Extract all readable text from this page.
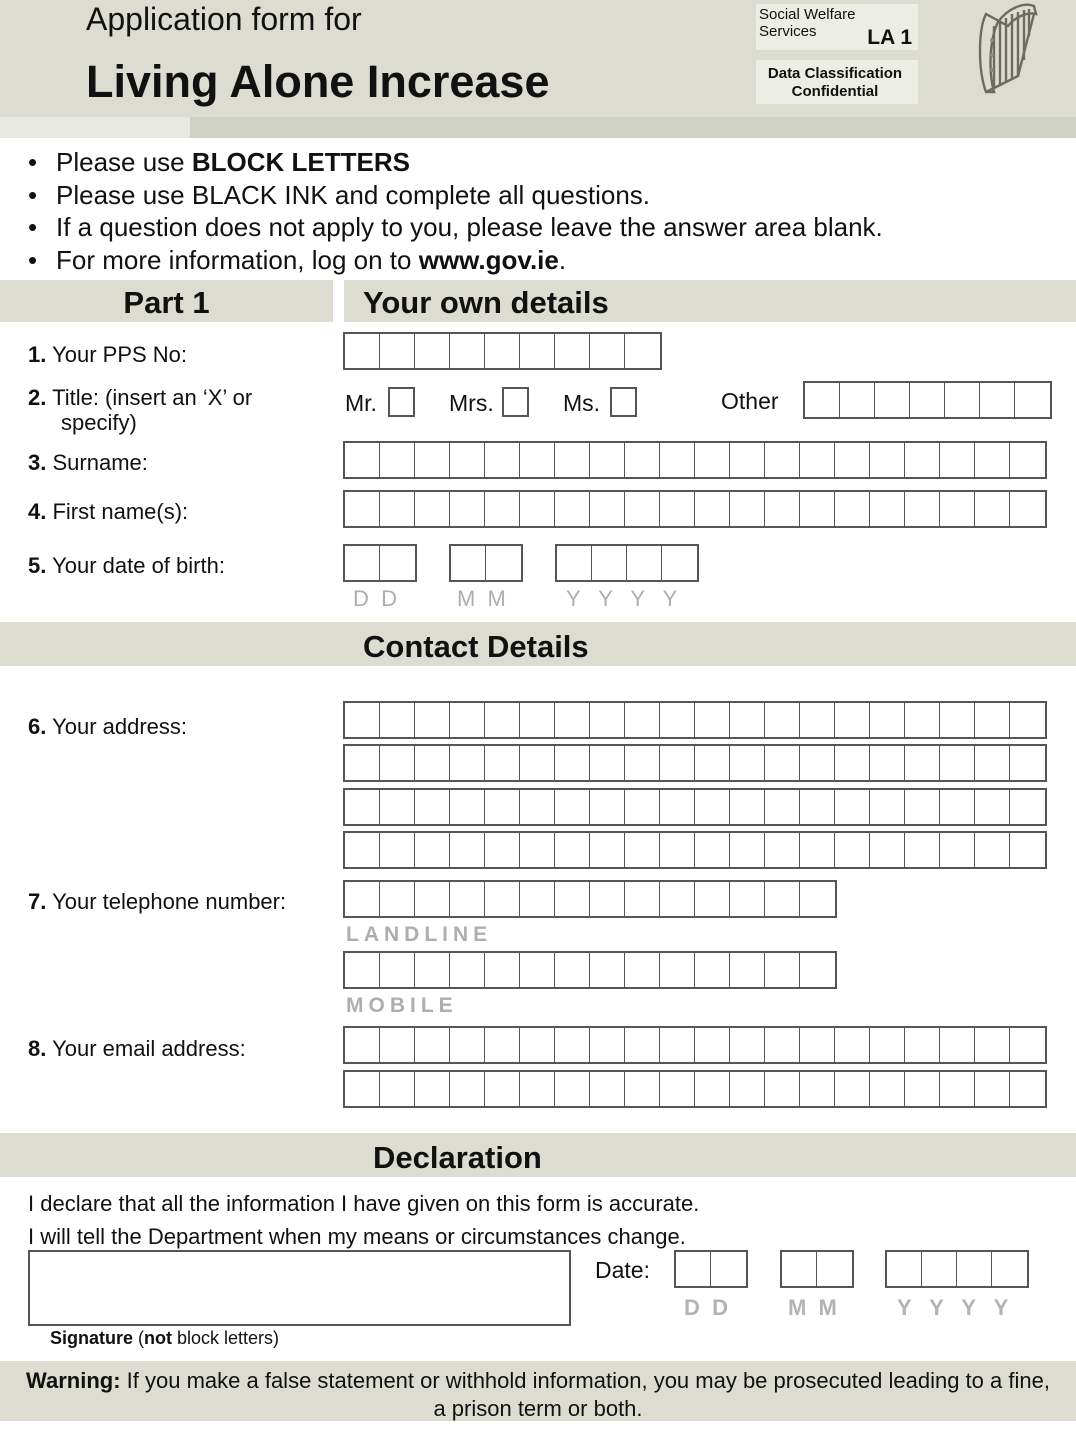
Application form for
Living Alone Increase
Social Welfare Services	LA 1
Data Classification
Confidential
• Please use BLOCK LETTERS
• Please use BLACK INK and complete all questions.
• If a question does not apply to you, please leave the answer area blank.
• For more information, log on to www.gov.ie.
Part 1	Your own details
1. Your PPS No:
2. Title: (insert an ‘X’ or
specify)
Mr.	Mrs.	Ms.	Other
3. Surname:
4. First name(s):
5. Your date of birth:
D  D	M  M	Y   Y   Y   Y
Contact Details
6. Your address:
7. Your telephone number:
LANDLINE
MOBILE
8. Your email address:
Declaration
I declare that all the information I have given on this form is accurate.
I will tell the Department when my means or circumstances change.
Signature (not block letters)
Date:
D  D	M  M	Y   Y   Y   Y
Warning: If you make a false statement or withhold information, you may be prosecuted leading to a fine, a prison term or both.
